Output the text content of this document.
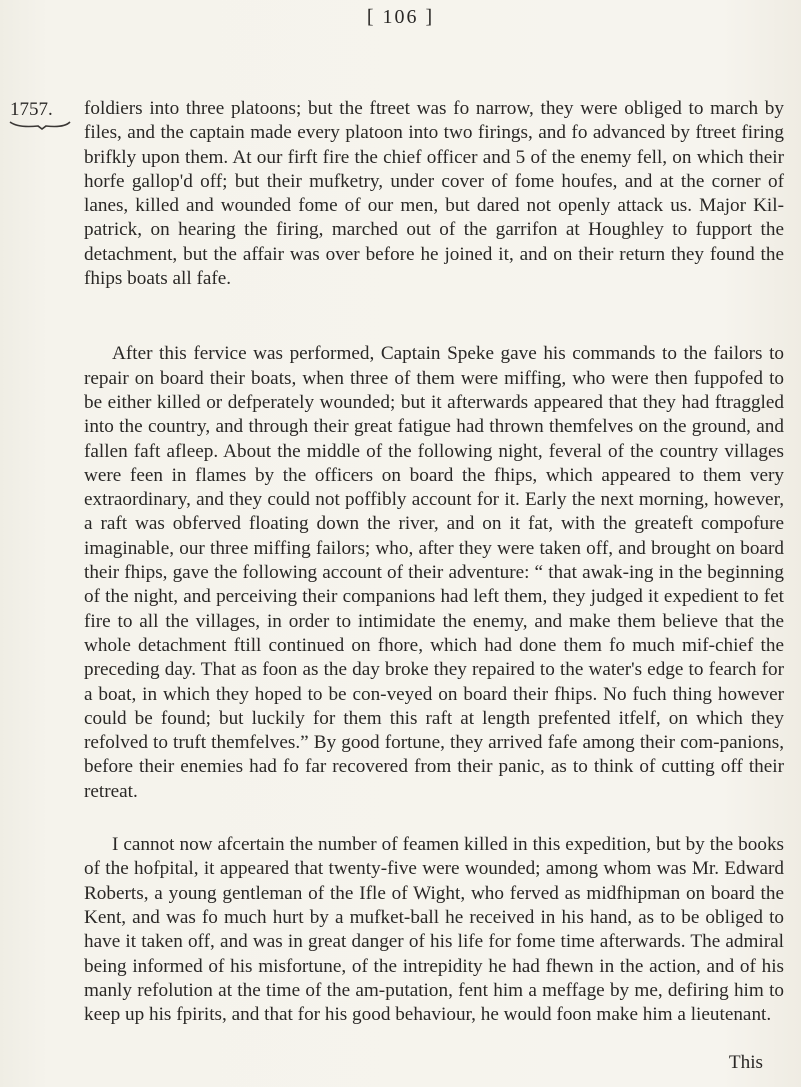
[ 106 ]
1757. foldiers into three platoons; but the ftreet was fo narrow, they were obliged to march by files, and the captain made every platoon into two firings, and fo advanced by ftreet firing brifkly upon them. At our firft fire the chief officer and 5 of the enemy fell, on which their horfe gallop'd off; but their mufketry, under cover of fome houfes, and at the corner of lanes, killed and wounded fome of our men, but dared not openly attack us. Major Kil-patrick, on hearing the firing, marched out of the garrifon at Houghley to fupport the detachment, but the affair was over before he joined it, and on their return they found the fhips boats all fafe.

After this fervice was performed, Captain Speke gave his commands to the failors to repair on board their boats, when three of them were miffing, who were then fuppofed to be either killed or defperately wounded; but it afterwards appeared that they had ftraggled into the country, and through their great fatigue had thrown themfelves on the ground, and fallen faft afleep. About the middle of the following night, feveral of the country villages were feen in flames by the officers on board the fhips, which appeared to them very extraordinary, and they could not poffibly account for it. Early the next morning, however, a raft was obferved floating down the river, and on it fat, with the greateft compofure imaginable, our three miffing failors; who, after they were taken off, and brought on board their fhips, gave the following account of their adventure: “ that awak-ing in the beginning of the night, and perceiving their companions had left them, they judged it expedient to fet fire to all the villages, in order to intimidate the enemy, and make them believe that the whole detachment ftill continued on fhore, which had done them fo much mif-chief the preceding day. That as foon as the day broke they repaired to the water's edge to fearch for a boat, in which they hoped to be con-veyed on board their fhips. No fuch thing however could be found; but luckily for them this raft at length prefented itfelf, on which they refolved to truft themfelves.” By good fortune, they arrived fafe among their com-panions, before their enemies had fo far recovered from their panic, as to think of cutting off their retreat.

I cannot now afcertain the number of feamen killed in this expedition, but by the books of the hofpital, it appeared that twenty-five were wounded; among whom was Mr. Edward Roberts, a young gentleman of the Ifle of Wight, who ferved as midfhipman on board the Kent, and was fo much hurt by a mufket-ball he received in his hand, as to be obliged to have it taken off, and was in great danger of his life for fome time afterwards. The admiral being informed of his misfortune, of the intrepidity he had fhewn in the action, and of his manly refolution at the time of the am-putation, fent him a meffage by me, defiring him to keep up his fpirits, and that for his good behaviour, he would foon make him a lieutenant.

This
